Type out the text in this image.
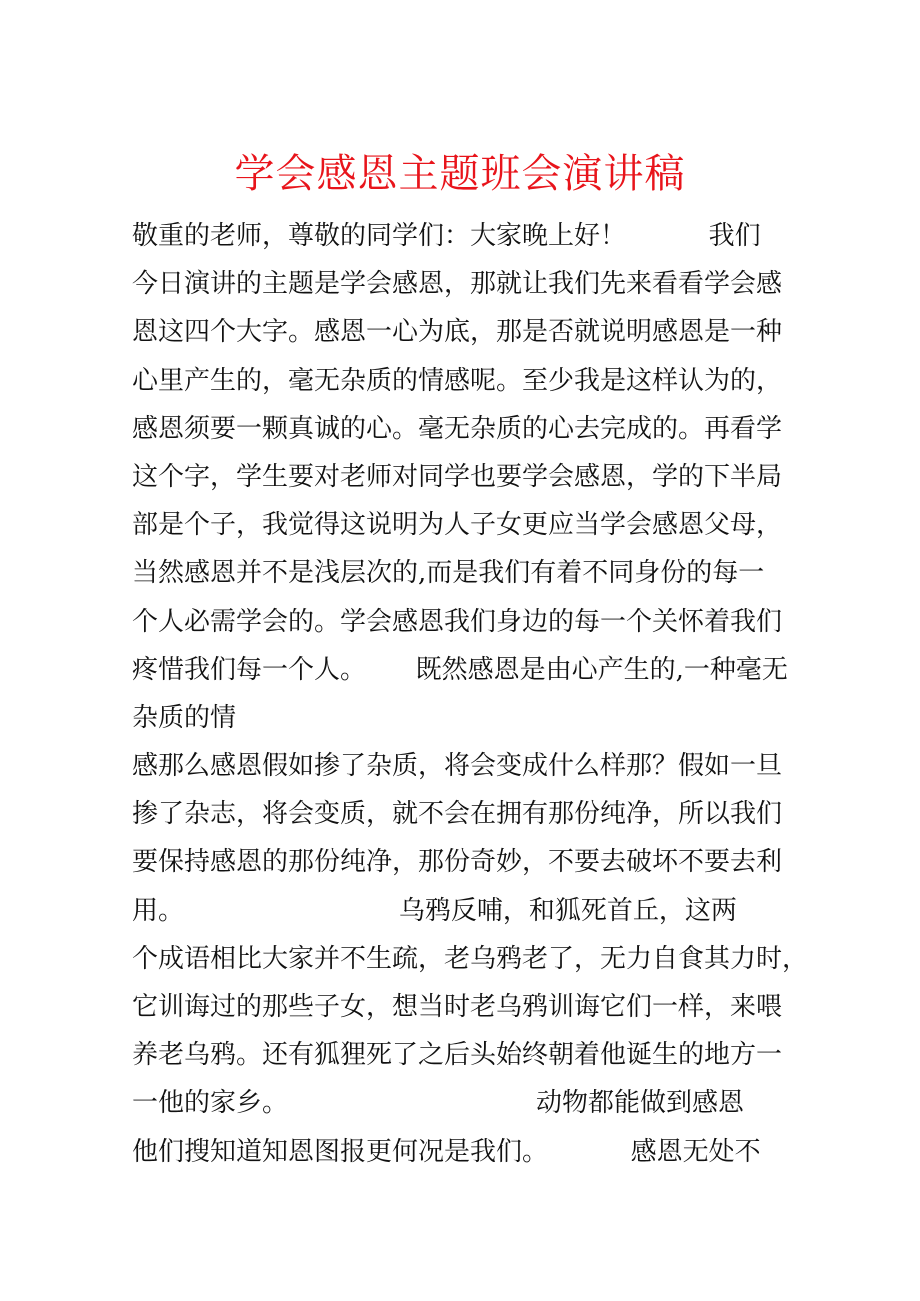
学会感恩主题班会演讲稿
敬重的老师，尊敬的同学们：大家晚上好！          我们
今日演讲的主题是学会感恩，那就让我们先来看看学会感
恩这四个大字。感恩一心为底，那是否就说明感恩是一种
心里产生的，毫无杂质的情感呢。至少我是这样认为的，
感恩须要一颗真诚的心。毫无杂质的心去完成的。再看学
这个字，学生要对老师对同学也要学会感恩，学的下半局
部是个子，我觉得这说明为人子女更应当学会感恩父母，
当然感恩并不是浅层次的,而是我们有着不同身份的每一
个人必需学会的。学会感恩我们身边的每一个关怀着我们
疼惜我们每一个人。      既然感恩是由心产生的,一种毫无
杂质的情
感那么感恩假如掺了杂质，将会变成什么样那？假如一旦
掺了杂志，将会变质，就不会在拥有那份纯净，所以我们
要保持感恩的那份纯净，那份奇妙，不要去破坏不要去利
用。                          乌鸦反哺，和狐死首丘，这两
个成语相比大家并不生疏，老乌鸦老了，无力自食其力时，
它训诲过的那些子女，想当时老乌鸦训诲它们一样，来喂
养老乌鸦。还有狐狸死了之后头始终朝着他诞生的地方一
一他的家乡。                              动物都能做到感恩
他们搜知道知恩图报更何况是我们。          感恩无处不
